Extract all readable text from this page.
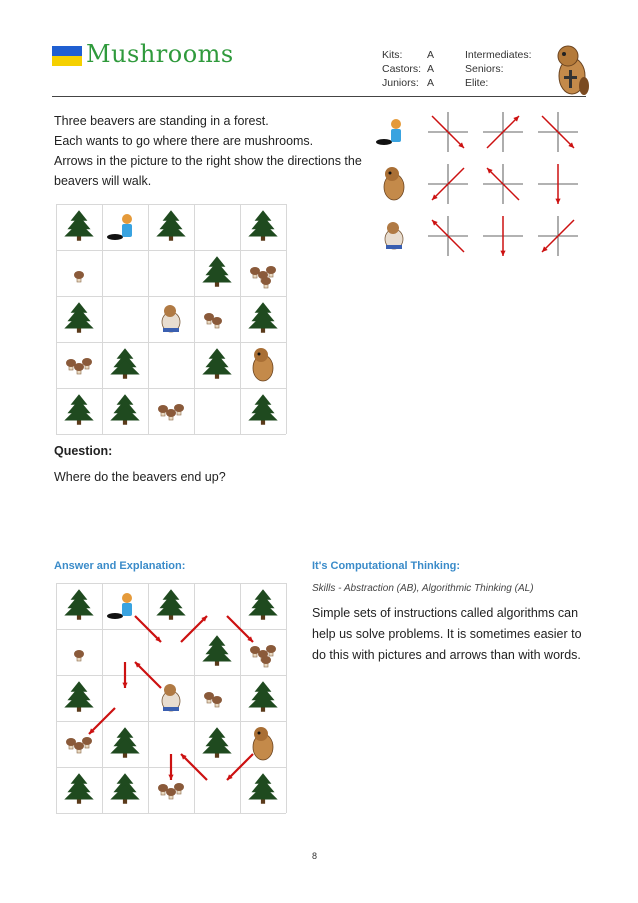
Mushrooms	Kits:
Castors:
Juniors:
A
A
A
Intermediates:
Seniors:
Elite:
Three beavers are standing in a forest.
Each wants to go where there are mushrooms.
Arrows in the picture to the right show the directions the
beavers will walk.
Question:
Where do the beavers end up?
Answer and Explanation:	It's Computational Thinking:
Skills - Abstraction (AB), Algorithmic Thinking (AL)
Simple sets of instructions called algorithms can help us solve problems. It is sometimes easier to do this with pictures and arrows than with words.
8
